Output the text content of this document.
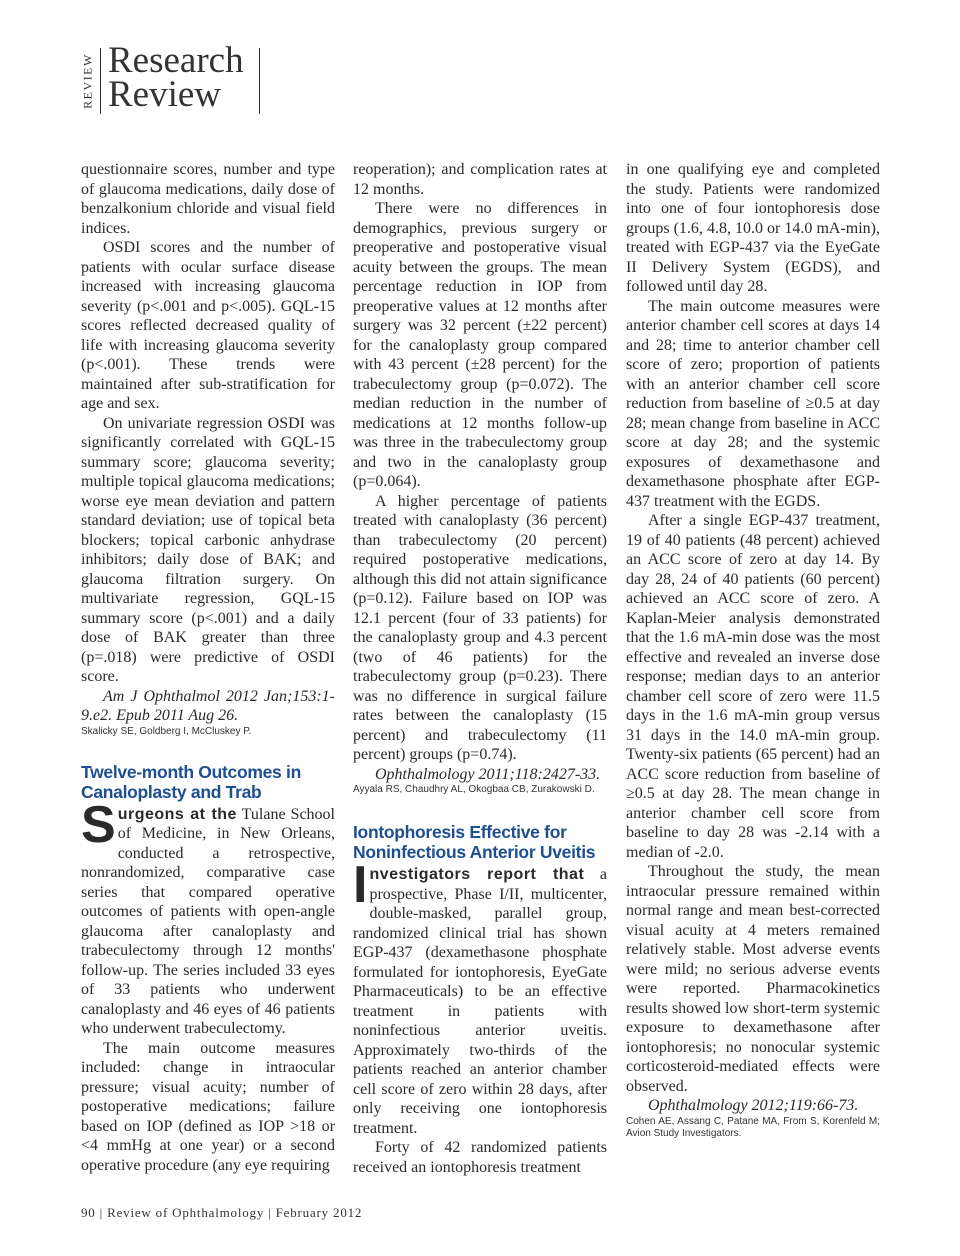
REVIEW Research
Review

questionnaire scores, number and type of glaucoma medications, daily dose of benzalkonium chloride and visual field indices.

OSDI scores and the number of patients with ocular surface disease increased with increasing glaucoma severity (p<.001 and p<.005). GQL-15 scores reflected decreased quality of life with increasing glaucoma severity (p<.001). These trends were maintained after sub-stratification for age and sex.

On univariate regression OSDI was significantly correlated with GQL-15 summary score; glaucoma severity; multiple topical glaucoma medications; worse eye mean deviation and pattern standard deviation; use of topical beta blockers; topical carbonic anhydrase inhibitors; daily dose of BAK; and glaucoma filtration surgery. On multivariate regression, GQL-15 summary score (p<.001) and a daily dose of BAK greater than three (p=.018) were predictive of OSDI score.

Am J Ophthalmol 2012 Jan;153:1-9.e2. Epub 2011 Aug 26.

Skalicky SE, Goldberg I, McCluskey P.

Twelve-month Outcomes in Canaloplasty and Trab

Surgeons at the Tulane School of Medicine, in New Orleans, conducted a retrospective, nonrandomized, comparative case series that compared operative outcomes of patients with open-angle glaucoma after canaloplasty and trabeculectomy through 12 months' follow-up. The series included 33 eyes of 33 patients who underwent canaloplasty and 46 eyes of 46 patients who underwent trabeculectomy.

The main outcome measures included: change in intraocular pressure; visual acuity; number of postoperative medications; failure based on IOP (defined as IOP >18 or <4 mmHg at one year) or a second operative procedure (any eye requiring

reoperation); and complication rates at 12 months.

There were no differences in demographics, previous surgery or preoperative and postoperative visual acuity between the groups. The mean percentage reduction in IOP from preoperative values at 12 months after surgery was 32 percent (±22 percent) for the canaloplasty group compared with 43 percent (±28 percent) for the trabeculectomy group (p=0.072). The median reduction in the number of medications at 12 months follow-up was three in the trabeculectomy group and two in the canaloplasty group (p=0.064).

A higher percentage of patients treated with canaloplasty (36 percent) than trabeculectomy (20 percent) required postoperative medications, although this did not attain significance (p=0.12). Failure based on IOP was 12.1 percent (four of 33 patients) for the canaloplasty group and 4.3 percent (two of 46 patients) for the trabeculectomy group (p=0.23). There was no difference in surgical failure rates between the canaloplasty (15 percent) and trabeculectomy (11 percent) groups (p=0.74).

Ophthalmology 2011;118:2427-33.

Ayyala RS, Chaudhry AL, Okogbaa CB, Zurakowski D.

Iontophoresis Effective for Noninfectious Anterior Uveitis

Investigators report that a prospective, Phase I/II, multicenter, double-masked, parallel group, randomized clinical trial has shown EGP-437 (dexamethasone phosphate formulated for iontophoresis, EyeGate Pharmaceuticals) to be an effective treatment in patients with noninfectious anterior uveitis. Approximately two-thirds of the patients reached an anterior chamber cell score of zero within 28 days, after only receiving one iontophoresis treatment.

Forty of 42 randomized patients received an iontophoresis treatment

in one qualifying eye and completed the study. Patients were randomized into one of four iontophoresis dose groups (1.6, 4.8, 10.0 or 14.0 mA-min), treated with EGP-437 via the EyeGate II Delivery System (EGDS), and followed until day 28.

The main outcome measures were anterior chamber cell scores at days 14 and 28; time to anterior chamber cell score of zero; proportion of patients with an anterior chamber cell score reduction from baseline of ≥0.5 at day 28; mean change from baseline in ACC score at day 28; and the systemic exposures of dexamethasone and dexamethasone phosphate after EGP-437 treatment with the EGDS.

After a single EGP-437 treatment, 19 of 40 patients (48 percent) achieved an ACC score of zero at day 14. By day 28, 24 of 40 patients (60 percent) achieved an ACC score of zero. A Kaplan-Meier analysis demonstrated that the 1.6 mA-min dose was the most effective and revealed an inverse dose response; median days to an anterior chamber cell score of zero were 11.5 days in the 1.6 mA-min group versus 31 days in the 14.0 mA-min group. Twenty-six patients (65 percent) had an ACC score reduction from baseline of ≥0.5 at day 28. The mean change in anterior chamber cell score from baseline to day 28 was -2.14 with a median of -2.0.

Throughout the study, the mean intraocular pressure remained within normal range and mean best-corrected visual acuity at 4 meters remained relatively stable. Most adverse events were mild; no serious adverse events were reported. Pharmacokinetics results showed low short-term systemic exposure to dexamethasone after iontophoresis; no nonocular systemic corticosteroid-mediated effects were observed.

Ophthalmology 2012;119:66-73.

Cohen AE, Assang C, Patane MA, From S, Korenfeld M; Avion Study Investigators.

90 | Review of Ophthalmology | February 2012
